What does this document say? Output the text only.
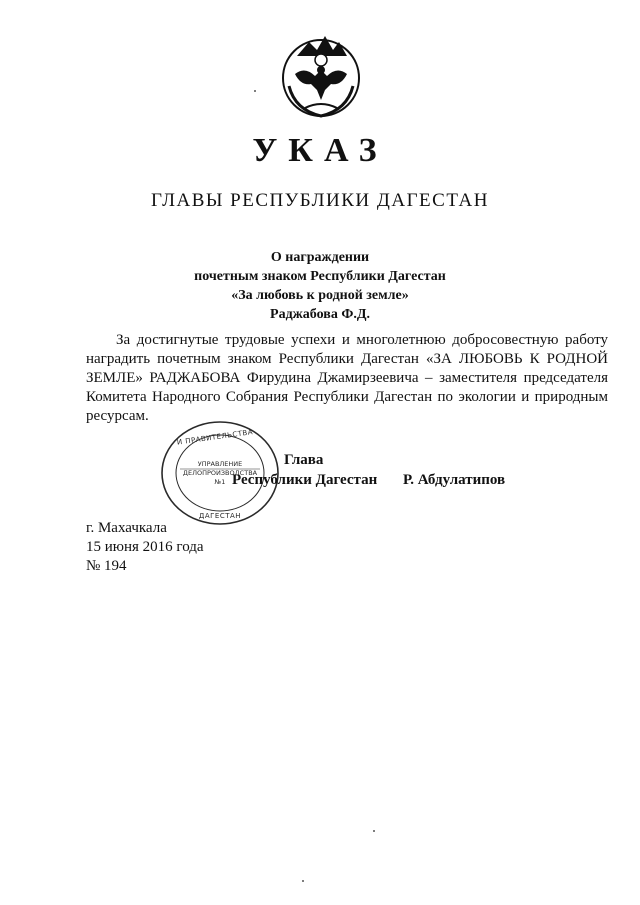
УКАЗ
ГЛАВЫ РЕСПУБЛИКИ ДАГЕСТАН
О награждении
почетным знаком Республики Дагестан
«За любовь к родной земле»
Раджабова Ф.Д.
За достигнутые трудовые успехи и многолетнюю добросовестную работу наградить почетным знаком Республики Дагестан «ЗА ЛЮБОВЬ К РОДНОЙ ЗЕМЛЕ» РАДЖАБОВА Фирудина Джамирзеевича – заместителя председателя Комитета Народного Собрания Республики Дагестан по экологии и природным ресурсам.
И ПРАВИТЕЛЬСТВА
ДАГЕСТАН
УПРАВЛЕНИЕ
ДЕЛОПРОИЗВОДСТВА
№1
Глава
Республики Дагестан Р. Абдулатипов
г. Махачкала
15 июня 2016 года
№ 194
